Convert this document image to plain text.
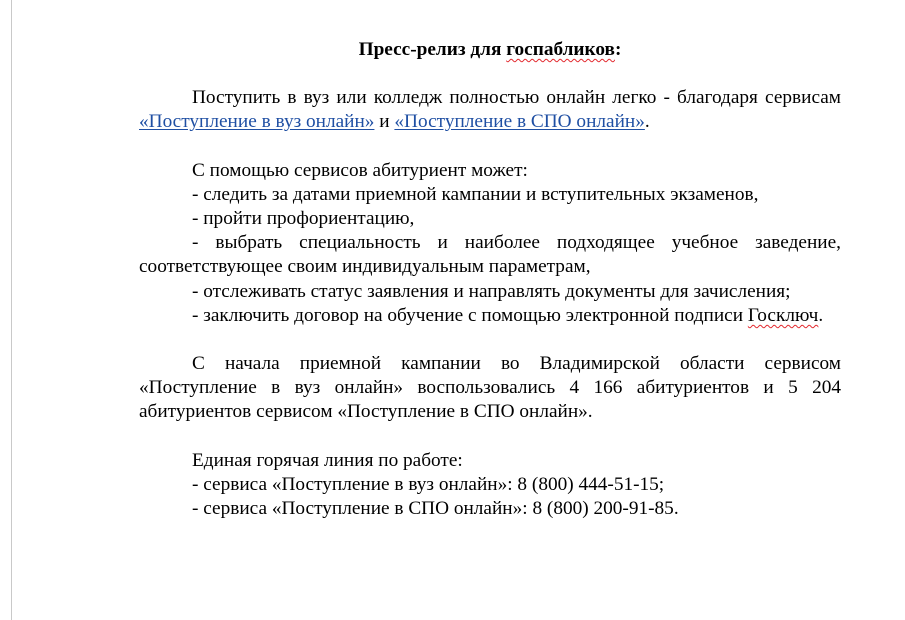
Пресс-релиз для госпабликов:

Поступить в вуз или колледж полностью онлайн легко - благодаря сервисам «Поступление в вуз онлайн» и «Поступление в СПО онлайн».

С помощью сервисов абитуриент может:

- следить за датами приемной кампании и вступительных экзаменов,

- пройти профориентацию,

- выбрать специальность и наиболее подходящее учебное заведение, соответствующее своим индивидуальным параметрам,

- отслеживать статус заявления и направлять документы для зачисления;

- заключить договор на обучение с помощью электронной подписи Госключ.

С начала приемной кампании во Владимирской области сервисом «Поступление в вуз онлайн» воспользовались 4 166 абитуриентов и 5 204 абитуриентов сервисом «Поступление в СПО онлайн».

Единая горячая линия по работе:

- сервиса «Поступление в вуз онлайн»: 8 (800) 444-51-15;

- сервиса «Поступление в СПО онлайн»: 8 (800) 200-91-85.
